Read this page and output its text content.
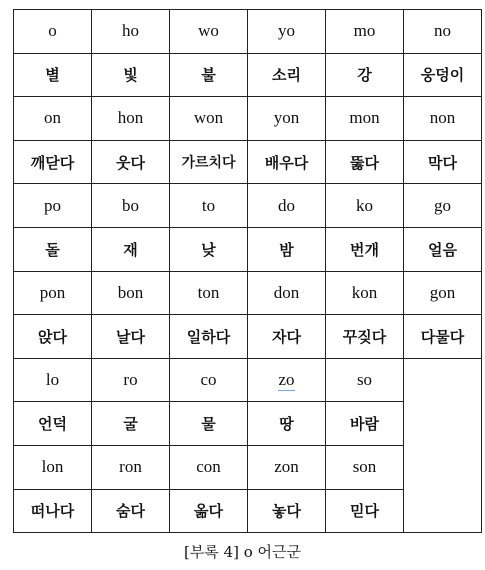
o	ho	wo	yo	mo	no
별	빛	불	소리	강	웅덩이
on	hon	won	yon	mon	non
깨닫다	웃다	가르치다	배우다	뚫다	막다
po	bo	to	do	ko	go
돌	재	낮	밤	번개	얼음
pon	bon	ton	don	kon	gon
앉다	날다	일하다	자다	꾸짖다	다물다
lo	ro	co	zo	so	
언덕	굴	물	땅	바람	
lon	ron	con	zon	son	
떠나다	숨다	옮다	놓다	믿다	
[부록 4] o 어근군
